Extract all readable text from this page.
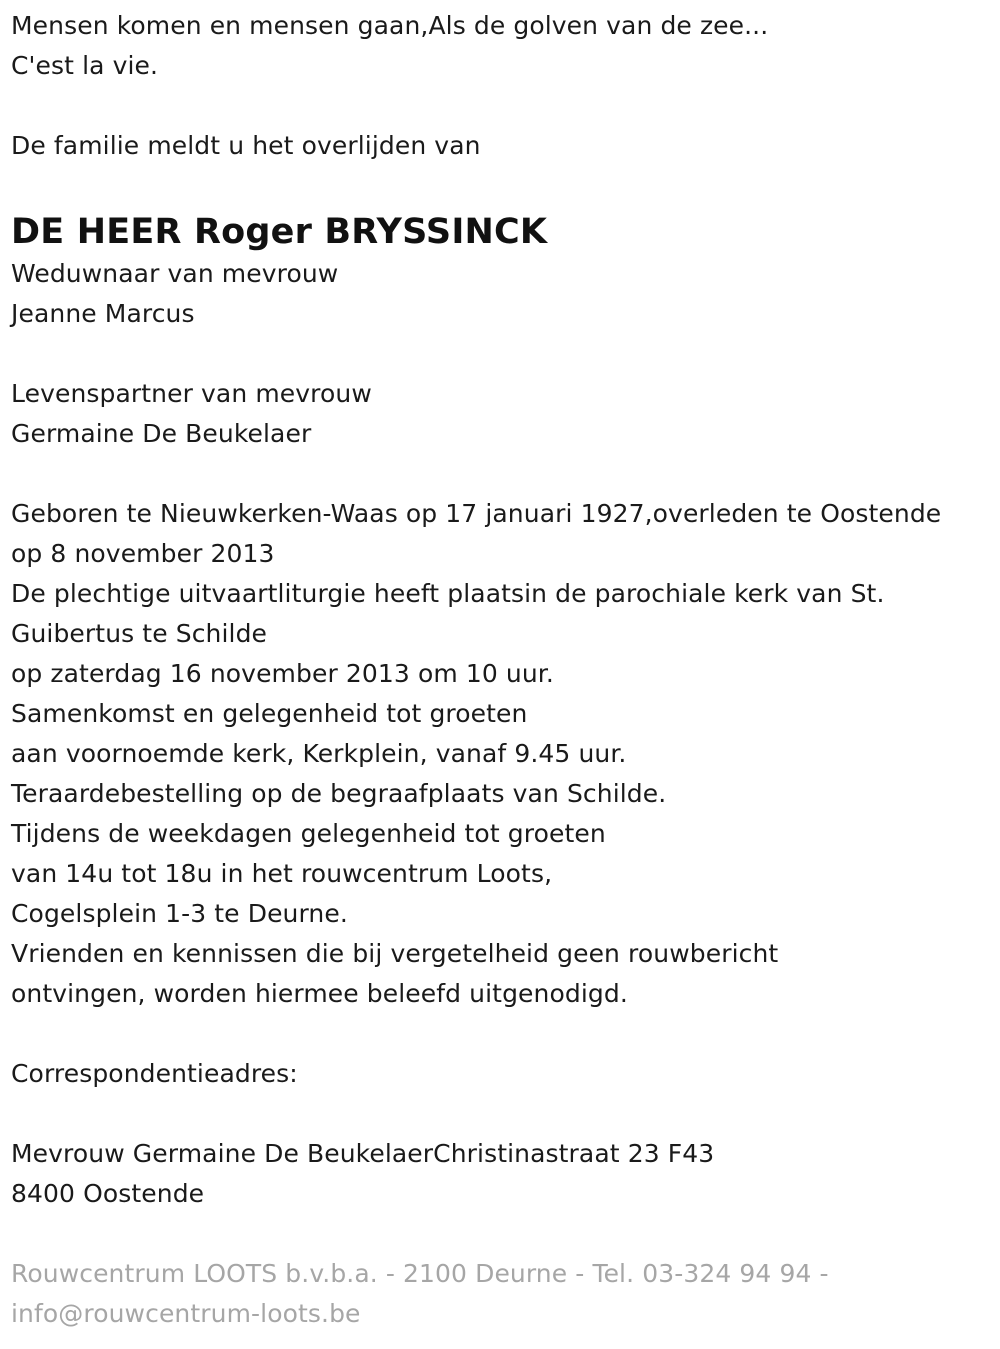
Mensen komen en mensen gaan,Als de golven van de zee...
C'est la vie.
De familie meldt u het overlijden van
DE HEER Roger BRYSSINCK
Weduwnaar van mevrouw
Jeanne Marcus
Levenspartner van mevrouw
Germaine De Beukelaer
Geboren te Nieuwkerken-Waas op 17 januari 1927,overleden te Oostende
op 8 november 2013
De plechtige uitvaartliturgie heeft plaatsin de parochiale kerk van St.
Guibertus te Schilde
op zaterdag 16 november 2013 om 10 uur.
Samenkomst en gelegenheid tot groeten
aan voornoemde kerk, Kerkplein, vanaf 9.45 uur.
Teraardebestelling op de begraafplaats van Schilde.
Tijdens de weekdagen gelegenheid tot groeten
van 14u tot 18u in het rouwcentrum Loots,
Cogelsplein 1-3 te Deurne.
Vrienden en kennissen die bij vergetelheid geen rouwbericht
ontvingen, worden hiermee beleefd uitgenodigd.
Correspondentieadres:
Mevrouw Germaine De BeukelaerChristinastraat 23 F43
8400 Oostende
Rouwcentrum LOOTS b.v.b.a. - 2100 Deurne - Tel. 03-324 94 94 -
info@rouwcentrum-loots.be
